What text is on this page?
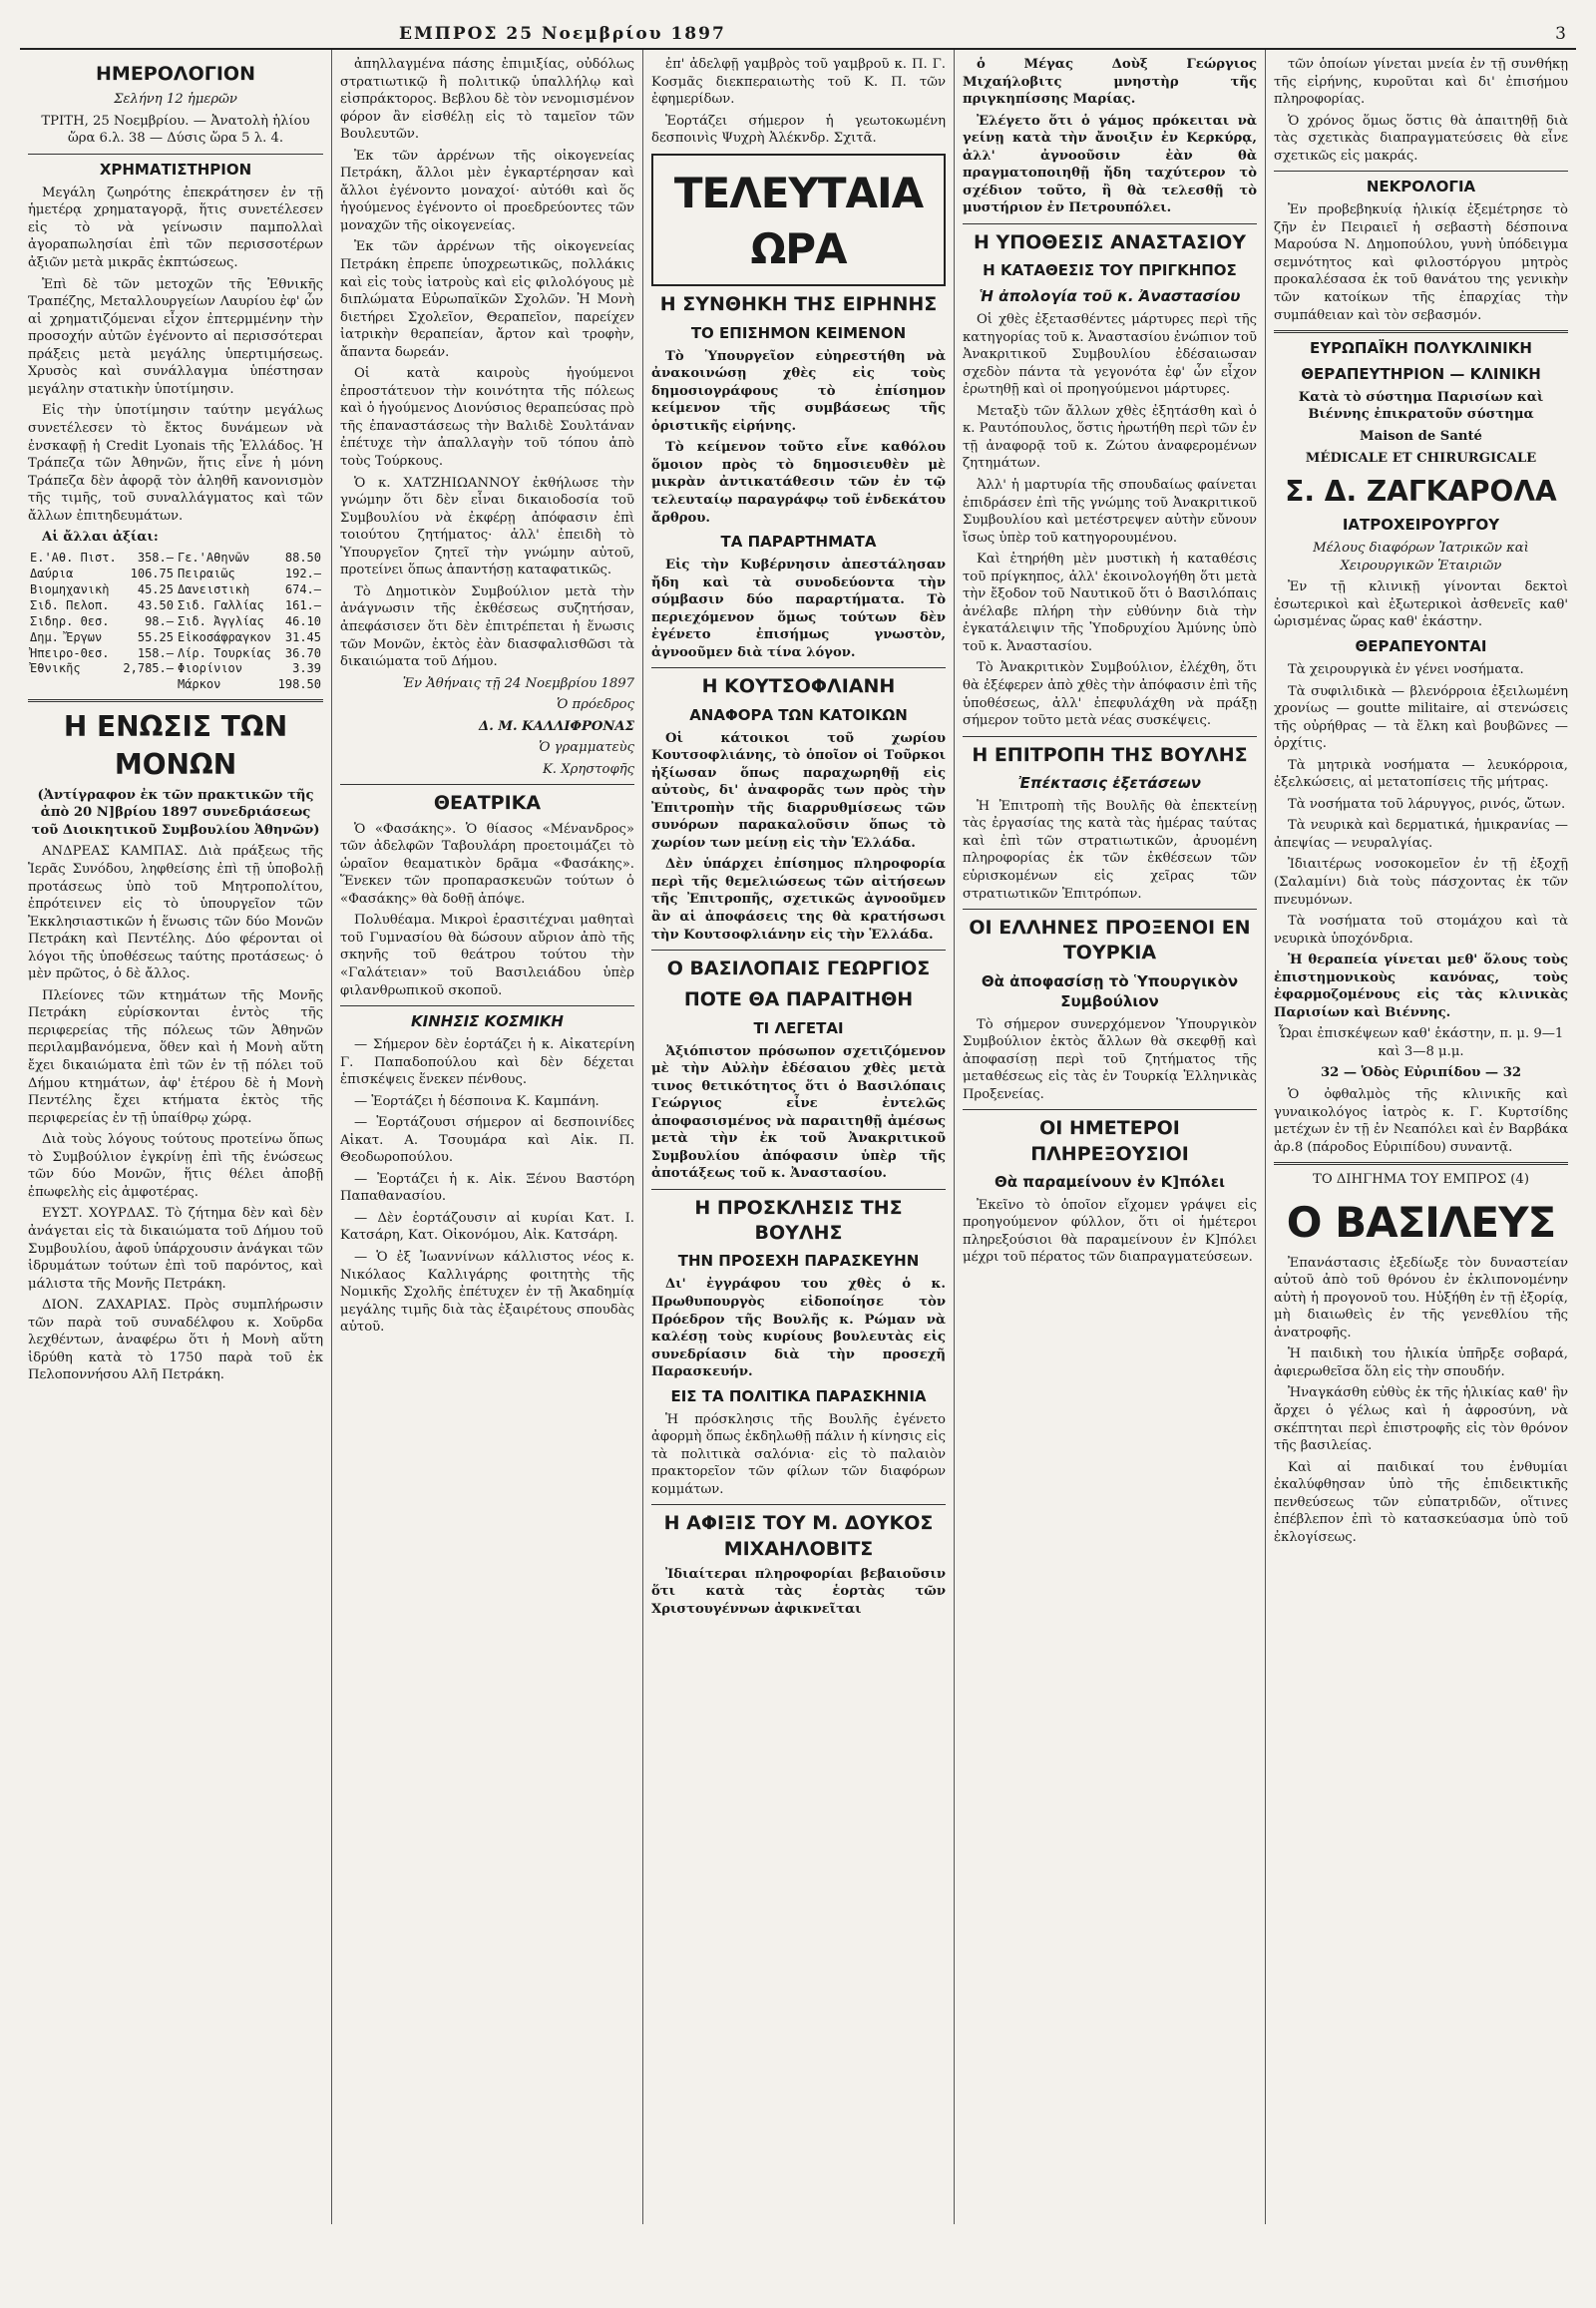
ΕΜΠΡΟΣ 25 Νοεμβρίου 1897	3
ΗΜΕΡΟΛΟΓΙΟΝ

Σελήνη 12 ἡμερῶν

ΤΡΙΤΗ, 25 Νοεμβρίου. — Ἀνατολὴ ἡλίου ὥρα 6.λ. 38 — Δύσις ὥρα 5 λ. 4.

ΧΡΗΜΑΤΙΣΤΗΡΙΟΝ

Μεγάλη ζωηρότης ἐπεκράτησεν ἐν τῇ ἡμετέρᾳ χρηματαγορᾷ, ἥτις συνετέλεσεν εἰς τὸ νὰ γείνωσιν παμπολλαὶ ἀγοραπωλησίαι ἐπὶ τῶν περισσοτέρων ἀξιῶν μετὰ μικρᾶς ἐκπτώσεως.

Ἐπὶ δὲ τῶν μετοχῶν τῆς Ἐθνικῆς Τραπέζης, Μεταλλουργείων Λαυρίου ἐφ' ὧν αἱ χρηματιζόμεναι εἶχον ἐπτερμμένην τὴν προσοχήν αὐτῶν ἐγένοντο αἱ περισσότεραι πράξεις μετὰ μεγάλης ὑπερτιμήσεως. Χρυσὸς καὶ συνάλλαγμα ὑπέστησαν μεγάλην στατικὴν ὑποτίμησιν.

Εἰς τὴν ὑποτίμησιν ταύτην μεγάλως συνετέλεσεν τὸ ἔκτος δυνάμεων νὰ ἐνσκαφῇ ἡ Credit Lyonais τῆς Ἑλλάδος. Ἡ Τράπεζα τῶν Ἀθηνῶν, ἥτις εἶνε ἡ μόνη Τράπεζα δὲν ἀφορᾷ τὸν ἀληθῆ κανονισμὸν τῆς τιμῆς, τοῦ συναλλάγματος καὶ τῶν ἄλλων ἐπιτηδευμάτων.

Αἱ ἄλλαι ἀξίαι:

Ε.'Αθ. Πιστ.	358.—	Γε.'Αθηνῶν	88.50
Δαύρια	106.75	Πειραιῶς	192.—
Βιομηχανικὴ	45.25	Δανειστικὴ	674.—
Σιδ. Πελοπ.	43.50	Σιδ. Γαλλίας	161.—
Σιδηρ. Θεσ.	98.—	Σιδ. Ἀγγλίας	46.10
Δημ. Ἔργων	55.25	Εἰκοσάφραγκον	31.45
Ἠπειρο-Θεσ.	158.—	Λίρ. Τουρκίας	36.70
Ἐθνικῆς	2,785.—	Φιορίνιον	3.39
		Μάρκον	198.50
Η ΕΝΩΣΙΣ ΤΩΝ ΜΟΝΩΝ

(Ἀντίγραφον ἐκ τῶν πρακτικῶν τῆς ἀπὸ 20 Ν]βρίου 1897 συνεδριάσεως τοῦ Διοικητικοῦ Συμβουλίου Ἀθηνῶν)

ΑΝΔΡΕΑΣ ΚΑΜΠΑΣ. Διὰ πράξεως τῆς Ἱερᾶς Συνόδου, ληφθείσης ἐπὶ τῇ ὑποβολῇ προτάσεως ὑπὸ τοῦ Μητροπολίτου, ἐπρότεινεν εἰς τὸ ὑπουργεῖον τῶν Ἐκκλησιαστικῶν ἡ ἕνωσις τῶν δύο Μονῶν Πετράκη καὶ Πεντέλης. Δύο φέρονται οἱ λόγοι τῆς ὑποθέσεως ταύτης προτάσεως· ὁ μὲν πρῶτος, ὁ δὲ ἄλλος.

Πλείονες τῶν κτημάτων τῆς Μονῆς Πετράκη εὑρίσκονται ἐντὸς τῆς περιφερείας τῆς πόλεως τῶν Ἀθηνῶν περιλαμβανόμενα, ὅθεν καὶ ἡ Μονὴ αὕτη ἔχει δικαιώματα ἐπὶ τῶν ἐν τῇ πόλει τοῦ Δήμου κτημάτων, ἀφ' ἑτέρου δὲ ἡ Μονὴ Πεντέλης ἔχει κτήματα ἐκτὸς τῆς περιφερείας ἐν τῇ ὑπαίθρῳ χώρᾳ.

Διὰ τοὺς λόγους τούτους προτείνω ὅπως τὸ Συμβούλιον ἐγκρίνῃ ἐπὶ τῆς ἑνώσεως τῶν δύο Μονῶν, ἥτις θέλει ἀποβῇ ἐπωφελὴς εἰς ἀμφοτέρας.

ΕΥΣΤ. ΧΟΥΡΔΑΣ. Τὸ ζήτημα δὲν καὶ δὲν ἀνάγεται εἰς τὰ δικαιώματα τοῦ Δήμου τοῦ Συμβουλίου, ἀφοῦ ὑπάρχουσιν ἀνάγκαι τῶν ἱδρυμάτων τούτων ἐπὶ τοῦ παρόντος, καὶ μάλιστα τῆς Μονῆς Πετράκη.

ΔΙΟΝ. ΖΑΧΑΡΙΑΣ. Πρὸς συμπλήρωσιν τῶν παρὰ τοῦ συναδέλφου κ. Χοῦρδα λεχθέντων, ἀναφέρω ὅτι ἡ Μονὴ αὕτη ἱδρύθη κατὰ τὸ 1750 παρὰ τοῦ ἐκ Πελοποννήσου Αλῆ Πετράκη.

ἀπηλλαγμένα πάσης ἐπιμιξίας, οὐδόλως στρατιωτικῷ ἢ πολιτικῷ ὑπαλλήλῳ καὶ εἰσπράκτορος. Βεβλου δὲ τὸν νενομισμένον φόρον ἂν εἰσθέλῃ εἰς τὸ ταμεῖον τῶν Βουλευτῶν.

Ἐκ τῶν ἀρρένων τῆς οἰκογενείας Πετράκη, ἄλλοι μὲν ἐγκαρτέρησαν καὶ ἄλλοι ἐγένοντο μοναχοί· αὐτόθι καὶ ὅς ἡγούμενος ἐγένοντο οἱ προεδρεύοντες τῶν μοναχῶν τῆς οἰκογενείας.

Ἐκ τῶν ἀρρένων τῆς οἰκογενείας Πετράκη ἐπρεπε ὑποχρεωτικῶς, πολλάκις καὶ εἰς τοὺς ἰατροὺς καὶ εἰς φιλολόγους μὲ διπλώματα Εὐρωπαϊκῶν Σχολῶν. Ἡ Μονὴ διετήρει Σχολεῖον, Θεραπεῖον, παρείχεν ἰατρικὴν θεραπείαν, ἄρτον καὶ τροφὴν, ἄπαντα δωρεάν.

Οἱ κατὰ καιροὺς ἡγούμενοι ἐπροστάτευον τὴν κοινότητα τῆς πόλεως καὶ ὁ ἡγούμενος Διονύσιος θεραπεύσας πρὸ τῆς ἐπαναστάσεως τὴν Βαλιδὲ Σουλτάναν ἐπέτυχε τὴν ἀπαλλαγὴν τοῦ τόπου ἀπὸ τοὺς Τούρκους.

Ὁ κ. ΧΑΤΖΗΙΩΑΝΝΟΥ ἐκθήλωσε τὴν γνώμην ὅτι δὲν εἶναι δικαιοδοσία τοῦ Συμβουλίου νὰ ἐκφέρῃ ἀπόφασιν ἐπὶ τοιούτου ζητήματος· ἀλλ' ἐπειδὴ τὸ Ὑπουργεῖον ζητεῖ τὴν γνώμην αὐτοῦ, προτείνει ὅπως ἀπαντήσῃ καταφατικῶς.

Τὸ Δημοτικὸν Συμβούλιον μετὰ τὴν ἀνάγνωσιν τῆς ἐκθέσεως συζητήσαν, ἀπεφάσισεν ὅτι δὲν ἐπιτρέπεται ἡ ἕνωσις τῶν Μονῶν, ἐκτὸς ἐὰν διασφαλισθῶσι τὰ δικαιώματα τοῦ Δήμου.

Ἐν Ἀθήναις τῇ 24 Νοεμβρίου 1897

Ὁ πρόεδρος

Δ. Μ. ΚΑΛΛΙΦΡΟΝΑΣ

Ὁ γραμματεὺς

Κ. Χρηστοφῆς

ΘΕΑΤΡΙΚΑ

Ὁ «Φασάκης». Ὁ θίασος «Μένανδρος» τῶν ἀδελφῶν Ταβουλάρη προετοιμάζει τὸ ὡραῖον θεαματικὸν δρᾶμα «Φασάκης». Ἕνεκεν τῶν προπαρασκευῶν τούτων ὁ «Φασάκης» θὰ δοθῇ ἀπόψε.

Πολυθέαμα. Μικροὶ ἐρασιτέχναι μαθηταὶ τοῦ Γυμνασίου θὰ δώσουν αὔριον ἀπὸ τῆς σκηνῆς τοῦ θεάτρου τούτου τὴν «Γαλάτειαν» τοῦ Βασιλειάδου ὑπὲρ φιλανθρωπικοῦ σκοποῦ.

ΚΙΝΗΣΙΣ ΚΟΣΜΙΚΗ

— Σήμερον δὲν ἑορτάζει ἡ κ. Αἰκατερίνη Γ. Παπαδοπούλου καὶ δὲν δέχεται ἐπισκέψεις ἕνεκεν πένθους.

— Ἑορτάζει ἡ δέσποινα Κ. Καμπάνη.

— Ἑορτάζουσι σήμερον αἱ δεσποινίδες Αἰκατ. Α. Τσουμάρα καὶ Αἰκ. Π. Θεοδωροπούλου.

— Ἑορτάζει ἡ κ. Αἰκ. Ξένου Βαστόρη Παπαθανασίου.

— Δὲν ἑορτάζουσιν αἱ κυρίαι Κατ. Ι. Κατσάρη, Κατ. Οἰκονόμου, Αἰκ. Κατσάρη.

— Ὁ ἐξ Ἰωαννίνων κάλλιστος νέος κ. Νικόλαος Καλλιγάρης φοιτητὴς τῆς Νομικῆς Σχολῆς ἐπέτυχεν ἐν τῇ Ἀκαδημίᾳ μεγάλης τιμῆς διὰ τὰς ἐξαιρέτους σπουδὰς αὐτοῦ.

ἐπ' ἀδελφῇ γαμβρὸς τοῦ γαμβροῦ κ. Π. Γ. Κοσμᾶς διεκπεραιωτὴς τοῦ Κ. Π. τῶν ἐφημερίδων.

Ἑορτάζει σήμερον ἡ γεωτοκωμένη δεσποινὶς Ψυχρὴ Ἀλέκνδρ. Σχιτᾶ.

ΤΕΛΕΥΤΑΙΑ ΩΡΑ
Η ΣΥΝΘΗΚΗ ΤΗΣ ΕΙΡΗΝΗΣ
ΤΟ ΕΠΙΣΗΜΟΝ ΚΕΙΜΕΝΟΝ

Τὸ Ὑπουργεῖον εὐηρεστήθη νὰ ἀνακοινώσῃ χθὲς εἰς τοὺς δημοσιογράφους τὸ ἐπίσημον κείμενον τῆς συμβάσεως τῆς ὁριστικῆς εἰρήνης.

Τὸ κείμενον τοῦτο εἶνε καθόλου ὅμοιον πρὸς τὸ δημοσιευθὲν μὲ μικρὰν ἀντικατάθεσιν τῶν ἐν τῷ τελευταίῳ παραγράφῳ τοῦ ἑνδεκάτου ἄρθρου.

ΤΑ ΠΑΡΑΡΤΗΜΑΤΑ

Εἰς τὴν Κυβέρνησιν ἀπεστάλησαν ἤδη καὶ τὰ συνοδεύοντα τὴν σύμβασιν δύο παραρτήματα. Τὸ περιεχόμενον ὅμως τούτων δὲν ἐγένετο ἐπισήμως γνωστὸν, ἀγνοοῦμεν διὰ τίνα λόγον.

Η ΚΟΥΤΣΟΦΛΙΑΝΗ
ΑΝΑΦΟΡΑ ΤΩΝ ΚΑΤΟΙΚΩΝ

Οἱ κάτοικοι τοῦ χωρίου Κουτσοφλιάνης, τὸ ὁποῖον οἱ Τοῦρκοι ἠξίωσαν ὅπως παραχωρηθῇ εἰς αὐτοὺς, δι' ἀναφορᾶς των πρὸς τὴν Ἐπιτροπὴν τῆς διαρρυθμίσεως τῶν συνόρων παρακαλοῦσιν ὅπως τὸ χωρίον των μείνῃ εἰς τὴν Ἑλλάδα.

Δὲν ὑπάρχει ἐπίσημος πληροφορία περὶ τῆς θεμελιώσεως τῶν αἰτήσεων τῆς Ἐπιτροπῆς, σχετικῶς ἀγνοοῦμεν ἂν αἱ ἀποφάσεις της θὰ κρατήσωσι τὴν Κουτσοφλιάνην εἰς τὴν Ἑλλάδα.

Ο ΒΑΣΙΛΟΠΑΙΣ ΓΕΩΡΓΙΟΣ
ΠΟΤΕ ΘΑ ΠΑΡΑΙΤΗΘΗ
ΤΙ ΛΕΓΕΤΑΙ

Ἀξιόπιστον πρόσωπον σχετιζόμενον μὲ τὴν Αὐλὴν ἐδέσαιου χθὲς μετὰ τινος θετικότητος ὅτι ὁ Βασιλόπαις Γεώργιος εἶνε ἐντελῶς ἀποφασισμένος νὰ παραιτηθῇ ἀμέσως μετὰ τὴν ἐκ τοῦ Ἀνακριτικοῦ Συμβουλίου ἀπόφασιν ὑπὲρ τῆς ἀποτάξεως τοῦ κ. Ἀναστασίου.

Η ΠΡΟΣΚΛΗΣΙΣ ΤΗΣ ΒΟΥΛΗΣ
ΤΗΝ ΠΡΟΣΕΧΗ ΠΑΡΑΣΚΕΥΗΝ

Δι' ἐγγράφου του χθὲς ὁ κ. Πρωθυπουργὸς εἰδοποίησε τὸν Πρόεδρον τῆς Βουλῆς κ. Ρώμαν νὰ καλέσῃ τοὺς κυρίους βουλευτὰς εἰς συνεδρίασιν διὰ τὴν προσεχῆ Παρασκευήν.

ΕΙΣ ΤΑ ΠΟΛΙΤΙΚΑ ΠΑΡΑΣΚΗΝΙΑ

Ἡ πρόσκλησις τῆς Βουλῆς ἐγένετο ἀφορμὴ ὅπως ἐκδηλωθῇ πάλιν ἡ κίνησις εἰς τὰ πολιτικὰ σαλόνια· εἰς τὸ παλαιὸν πρακτορεῖον τῶν φίλων τῶν διαφόρων κομμάτων.

Η ΑΦΙΞΙΣ ΤΟΥ Μ. ΔΟΥΚΟΣ ΜΙΧΑΗΛΟΒΙΤΣ

Ἰδιαίτεραι πληροφορίαι βεβαιοῦσιν ὅτι κατὰ τὰς ἑορτὰς τῶν Χριστουγέννων ἀφικνεῖται

ὁ Μέγας Δοὺξ Γεώργιος Μιχαήλοβιτς μνηστὴρ τῆς πριγκηπίσσης Μαρίας.

Ἐλέγετο ὅτι ὁ γάμος πρόκειται νὰ γείνῃ κατὰ τὴν ἄνοιξιν ἐν Κερκύρᾳ, ἀλλ' ἀγνοοῦσιν ἐὰν θὰ πραγματοποιηθῇ ἤδη ταχύτερον τὸ σχέδιον τοῦτο, ἢ θὰ τελεσθῇ τὸ μυστήριον ἐν Πετρουπόλει.

Η ΥΠΟΘΕΣΙΣ ΑΝΑΣΤΑΣΙΟΥ
Η ΚΑΤΑΘΕΣΙΣ ΤΟΥ ΠΡΙΓΚΗΠΟΣ
Ἡ ἀπολογία τοῦ κ. Ἀναστασίου

Οἱ χθὲς ἐξετασθέντες μάρτυρες περὶ τῆς κατηγορίας τοῦ κ. Ἀναστασίου ἐνώπιον τοῦ Ἀνακριτικοῦ Συμβουλίου ἐδέσαιωσαν σχεδὸν πάντα τὰ γεγονότα ἐφ' ὧν εἶχον ἐρωτηθῇ καὶ οἱ προηγούμενοι μάρτυρες.

Μεταξὺ τῶν ἄλλων χθὲς ἐξητάσθη καὶ ὁ κ. Ραυτόπουλος, ὅστις ἠρωτήθη περὶ τῶν ἐν τῇ ἀναφορᾷ τοῦ κ. Ζώτου ἀναφερομένων ζητημάτων.

Ἀλλ' ἡ μαρτυρία τῆς σπουδαίως φαίνεται ἐπιδράσεν ἐπὶ τῆς γνώμης τοῦ Ἀνακριτικοῦ Συμβουλίου καὶ μετέστρεψεν αὐτὴν εὔνουν ἴσως ὑπὲρ τοῦ κατηγορουμένου.

Καὶ ἐτηρήθη μὲν μυστικὴ ἡ καταθέσις τοῦ πρίγκηπος, ἀλλ' ἐκοινολογήθη ὅτι μετὰ τὴν ἔξοδον τοῦ Ναυτικοῦ ὅτι ὁ Βασιλόπαις ἀνέλαβε πλήρη τὴν εὐθύνην διὰ τὴν ἐγκατάλειψιν τῆς Ὑποδρυχίου Ἀμύνης ὑπὸ τοῦ κ. Ἀναστασίου.

Τὸ Ἀνακριτικὸν Συμβούλιον, ἐλέχθη, ὅτι θὰ ἐξέφερεν ἀπὸ χθὲς τὴν ἀπόφασιν ἐπὶ τῆς ὑποθέσεως, ἀλλ' ἐπεφυλάχθη νὰ πράξῃ σήμερον τοῦτο μετὰ νέας συσκέψεις.

Η ΕΠΙΤΡΟΠΗ ΤΗΣ ΒΟΥΛΗΣ
Ἐπέκτασις ἐξετάσεων

Ἡ Ἐπιτροπὴ τῆς Βουλῆς θὰ ἐπεκτείνῃ τὰς ἐργασίας της κατὰ τὰς ἡμέρας ταύτας καὶ ἐπὶ τῶν στρατιωτικῶν, ἀρυομένη πληροφορίας ἐκ τῶν ἐκθέσεων τῶν εὑρισκομένων εἰς χεῖρας τῶν στρατιωτικῶν Ἐπιτρόπων.

ΟΙ ΕΛΛΗΝΕΣ ΠΡΟΞΕΝΟΙ ΕΝ ΤΟΥΡΚΙΑ
Θὰ ἀποφασίσῃ τὸ Ὑπουργικὸν Συμβούλιον

Τὸ σήμερον συνερχόμενον Ὑπουργικὸν Συμβούλιον ἐκτὸς ἄλλων θὰ σκεφθῇ καὶ ἀποφασίσῃ περὶ τοῦ ζητήματος τῆς μεταθέσεως εἰς τὰς ἐν Τουρκίᾳ Ἑλληνικὰς Προξενείας.

ΟΙ ΗΜΕΤΕΡΟΙ ΠΛΗΡΕΞΟΥΣΙΟΙ
Θὰ παραμείνουν ἐν Κ]πόλει

Ἐκεῖνο τὸ ὁποῖον εἴχομεν γράψει εἰς προηγούμενον φύλλον, ὅτι οἱ ἡμέτεροι πληρεξούσιοι θὰ παραμείνουν ἐν Κ]πόλει μέχρι τοῦ πέρατος τῶν διαπραγματεύσεων.

τῶν ὁποίων γίνεται μνεία ἐν τῇ συνθήκῃ τῆς εἰρήνης, κυροῦται καὶ δι' ἐπισήμου πληροφορίας.

Ὁ χρόνος ὅμως ὅστις θὰ ἀπαιτηθῇ διὰ τὰς σχετικὰς διαπραγματεύσεις θὰ εἶνε σχετικῶς εἰς μακράς.

ΝΕΚΡΟΛΟΓΙΑ

Ἐν προβεβηκυίᾳ ἡλικίᾳ ἐξεμέτρησε τὸ ζῆν ἐν Πειραιεῖ ἡ σεβαστὴ δέσποινα Μαρούσα Ν. Δημοπούλου, γυνὴ ὑπόδειγμα σεμνότητος καὶ φιλοστόργου μητρὸς προκαλέσασα ἐκ τοῦ θανάτου της γενικὴν τῶν κατοίκων τῆς ἐπαρχίας τὴν συμπάθειαν καὶ τὸν σεβασμόν.

ΕΥΡΩΠΑΪΚΗ ΠΟΛΥΚΛΙΝΙΚΗ
ΘΕΡΑΠΕΥΤΗΡΙΟΝ — ΚΛΙΝΙΚΗ

Κατὰ τὸ σύστημα Παρισίων καὶ Βιέννης ἐπικρατοῦν σύστημα

Maison de Santé

MÉDICALE ET CHIRURGICALE

Σ. Δ. ΖΑΓΚΑΡΟΛΑ
ΙΑΤΡΟΧΕΙΡΟΥΡΓΟΥ

Μέλους διαφόρων Ἰατρικῶν καὶ Χειρουργικῶν Ἑταιριῶν

Ἐν τῇ κλινικῇ γίνονται δεκτοὶ ἐσωτερικοὶ καὶ ἐξωτερικοὶ ἀσθενεῖς καθ' ὡρισμένας ὥρας καθ' ἑκάστην.

ΘΕΡΑΠΕΥΟΝΤΑΙ

Τὰ χειρουργικὰ ἐν γένει νοσήματα.

Τὰ συφιλιδικὰ — βλενόρροια ἐξειλωμένη χρονίως — goutte militaire, αἱ στενώσεις τῆς οὐρήθρας — τὰ ἕλκη καὶ βουβῶνες — ὀρχίτις.

Τὰ μητρικὰ νοσήματα — λευκόρροια, ἐξελκώσεις, αἱ μετατοπίσεις τῆς μήτρας.

Τὰ νοσήματα τοῦ λάρυγγος, ρινός, ὤτων.

Τὰ νευρικὰ καὶ δερματικά, ἡμικρανίας — ἀπεψίας — νευραλγίας.

Ἰδιαιτέρως νοσοκομεῖον ἐν τῇ ἐξοχῇ (Σαλαμίνι) διὰ τοὺς πάσχοντας ἐκ τῶν πνευμόνων.

Τὰ νοσήματα τοῦ στομάχου καὶ τὰ νευρικὰ ὑποχόνδρια.

Ἡ θεραπεία γίνεται μεθ' ὅλους τοὺς ἐπιστημονικοὺς κανόνας, τοὺς ἐφαρμοζομένους εἰς τὰς κλινικὰς Παρισίων καὶ Βιέννης.

Ὧραι ἐπισκέψεων καθ' ἑκάστην, π. μ. 9—1 καὶ 3—8 μ.μ.

32 — Ὁδὸς Εὐριπίδου — 32

Ὁ ὀφθαλμὸς τῆς κλινικῆς καὶ γυναικολόγος ἰατρὸς κ. Γ. Κυρτσίδης μετέχων ἐν τῇ ἐν Νεαπόλει καὶ ἐν Βαρβάκα ἀρ.8 (πάροδος Εὐριπίδου) συναντᾷ.

ΤΟ ΔΙΗΓΗΜΑ ΤΟΥ ΕΜΠΡΟΣ (4)

Ο ΒΑΣΙΛΕΥΣ

Ἐπανάστασις ἐξεδίωξε τὸν δυναστείαν αὐτοῦ ἀπὸ τοῦ θρόνου ἐν ἐκλιπονομένην αὐτὴ ἡ προγονοῦ του. Ηὐξήθη ἐν τῇ ἐξορίᾳ, μὴ διαιωθεὶς ἐν τῆς γενεθλίου τῆς ἀνατροφῆς.

Ἡ παιδικὴ του ἡλικία ὑπῆρξε σοβαρά, ἀφιερωθεῖσα ὅλη εἰς τὴν σπουδήν.

Ἠναγκάσθη εὐθὺς ἐκ τῆς ἡλικίας καθ' ἣν ἄρχει ὁ γέλως καὶ ἡ ἀφροσύνη, νὰ σκέπτηται περὶ ἐπιστροφῆς εἰς τὸν θρόνον τῆς βασιλείας.

Καὶ αἱ παιδικαί του ἐνθυμίαι ἐκαλύφθησαν ὑπὸ τῆς ἐπιδεικτικῆς πενθεύσεως τῶν εὐπατριδῶν, οἵτινες ἐπέβλεπον ἐπὶ τὸ κατασκεύασμα ὑπὸ τοῦ ἐκλογίσεως.
